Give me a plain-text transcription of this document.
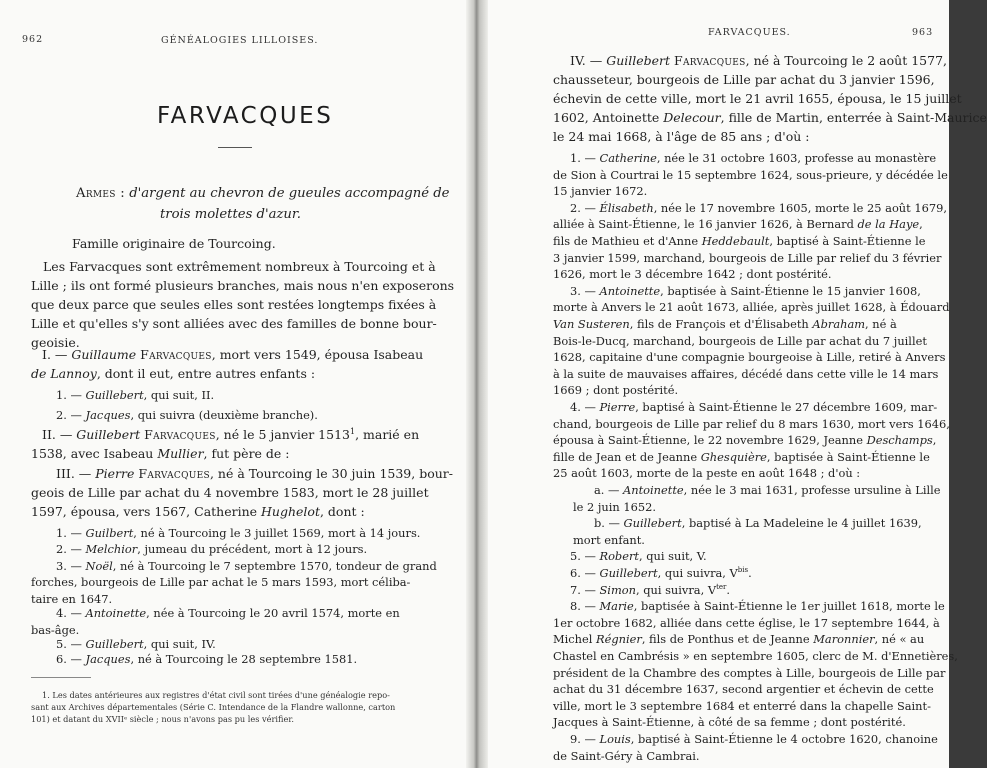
962	GÉNÉALOGIES LILLOISES.
FARVACQUES
Armes : d'argent au chevron de gueules accompagné de
trois molettes d'azur.
Famille originaire de Tourcoing.
I. — Guillaume Farvacques, mort vers 1549, épousa Isabeau
de Lannoy, dont il eut, entre autres enfants :
II. — Guillebert Farvacques, né le 5 janvier 1513$^1$, marié en
1538, avec Isabeau Mullier, fut père de :
III. — Pierre Farvacques, né à Tourcoing le 30 juin 1539, bour-
geois de Lille par achat du 4 novembre 1583, mort le 28 juillet
1597, épousa, vers 1567, Catherine Hughelot, dont :
Les Farvacques sont extrêmement nombreux à Tourcoing et à
Lille ; ils ont formé plusieurs branches, mais nous n'en exposerons
que deux parce que seules elles sont restées longtemps fixées à
Lille et qu'elles s'y sont alliées avec des familles de bonne bour-
geoisie.
1. — Guillebert, qui suit, II.
2. — Jacques, qui suivra (deuxième branche).
1. — Guilbert, né à Tourcoing le 3 juillet 1569, mort à 14 jours.
2. — Melchior, jumeau du précédent, mort à 12 jours.
3. — Noël, né à Tourcoing le 7 septembre 1570, tondeur de grand
forches, bourgeois de Lille par achat le 5 mars 1593, mort céliba-
taire en 1647.
4. — Antoinette, née à Tourcoing le 20 avril 1574, morte en
bas-âge.
5. — Guillebert, qui suit, IV.
6. — Jacques, né à Tourcoing le 28 septembre 1581.
1. Les dates antérieures aux registres d'état civil sont tirées d'une généalogie repo-
sant aux Archives départementales (Série C. Intendance de la Flandre wallonne, carton
101) et datant du XVIIᵉ siècle ; nous n'avons pas pu les vérifier.
FARVACQUES.	963
IV. — Guillebert Farvacques, né à Tourcoing le 2 août 1577,
chausseteur, bourgeois de Lille par achat du 3 janvier 1596,
échevin de cette ville, mort le 21 avril 1655, épousa, le 15 juillet
1602, Antoinette Delecour, fille de Martin, enterrée à Saint-Maurice
le 24 mai 1668, à l'âge de 85 ans ; d'où :
1. — Catherine, née le 31 octobre 1603, professe au monastère
de Sion à Courtrai le 15 septembre 1624, sous-prieure, y décédée le
15 janvier 1672.
2. — Élisabeth, née le 17 novembre 1605, morte le 25 août 1679,
alliée à Saint-Étienne, le 16 janvier 1626, à Bernard de la Haye,
fils de Mathieu et d'Anne Heddebault, baptisé à Saint-Étienne le
3 janvier 1599, marchand, bourgeois de Lille par relief du 3 février
1626, mort le 3 décembre 1642 ; dont postérité.
3. — Antoinette, baptisée à Saint-Étienne le 15 janvier 1608,
morte à Anvers le 21 août 1673, alliée, après juillet 1628, à Édouard
Van Susteren, fils de François et d'Élisabeth Abraham, né à
Bois-le-Ducq, marchand, bourgeois de Lille par achat du 7 juillet
1628, capitaine d'une compagnie bourgeoise à Lille, retiré à Anvers
à la suite de mauvaises affaires, décédé dans cette ville le 14 mars
1669 ; dont postérité.
4. — Pierre, baptisé à Saint-Étienne le 27 décembre 1609, mar-
chand, bourgeois de Lille par relief du 8 mars 1630, mort vers 1646,
épousa à Saint-Étienne, le 22 novembre 1629, Jeanne Deschamps,
fille de Jean et de Jeanne Ghesquière, baptisée à Saint-Étienne le
25 août 1603, morte de la peste en août 1648 ; d'où :
a. — Antoinette, née le 3 mai 1631, professe ursuline à Lille
le 2 juin 1652.
b. — Guillebert, baptisé à La Madeleine le 4 juillet 1639,
mort enfant.
5. — Robert, qui suit, V.
6. — Guillebert, qui suivra, $V^{bis}$.
7. — Simon, qui suivra, $V^{ter}$.
8. — Marie, baptisée à Saint-Étienne le 1er juillet 1618, morte le
1er octobre 1682, alliée dans cette église, le 17 septembre 1644, à
Michel Régnier, fils de Ponthus et de Jeanne Maronnier, né « au
Chastel en Cambrésis » en septembre 1605, clerc de M. d'Ennetières,
président de la Chambre des comptes à Lille, bourgeois de Lille par
achat du 31 décembre 1637, second argentier et échevin de cette
ville, mort le 3 septembre 1684 et enterré dans la chapelle Saint-
Jacques à Saint-Étienne, à côté de sa femme ; dont postérité.
9. — Louis, baptisé à Saint-Étienne le 4 octobre 1620, chanoine
de Saint-Géry à Cambrai.
